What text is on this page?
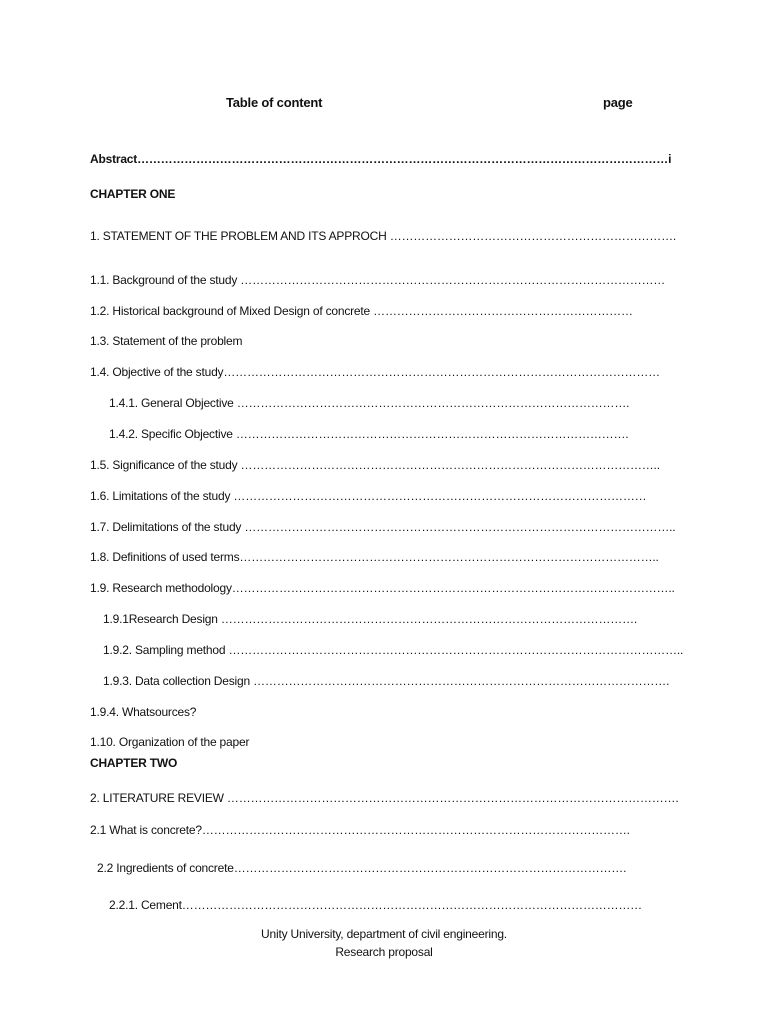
Table of content	page
Abstract………………………………………………………………………………………………………………………i
CHAPTER ONE
1. STATEMENT OF THE PROBLEM AND ITS APPROCH ……………………………………………………………….
1.1. Background of the study ………………………………………………………………………………………………
1.2. Historical background of Mixed Design of concrete …………………………………………………………
1.3. Statement of the problem
1.4. Objective of the study…………………………………………………………………………………………………
1.4.1. General Objective ……………………………………………………………………………………….
1.4.2. Specific Objective ……………………………………………………………………………………….
1.5. Significance of the study ……………………………………………………………………………………………..
1.6. Limitations of the study ……………………………………………………………………………………………
1.7. Delimitations of the study ………………………………………………………………………………………………..
1.8. Definitions of used terms……………………………………………………………………………………………..
1.9. Research methodology…………………………………………………………………………………………………..
1.9.1Research Design …………………………………………………………………………………………….
1.9.2. Sampling method ……………………………………………………………………………………………………..
1.9.3. Data collection Design …………………………………………………………………………………………….
1.9.4. Whatsources?
1.10. Organization of the paper
CHAPTER TWO
2. LITERATURE REVIEW …………………………………………………………………………………………………….
2.1 What is concrete?……………………………………………………………………………………………….
2.2 Ingredients of concrete……………………………………………………………………………………….
2.2.1. Cement………………………………………………………………………………………………………
Unity University, department of civil engineering.
Research proposal
